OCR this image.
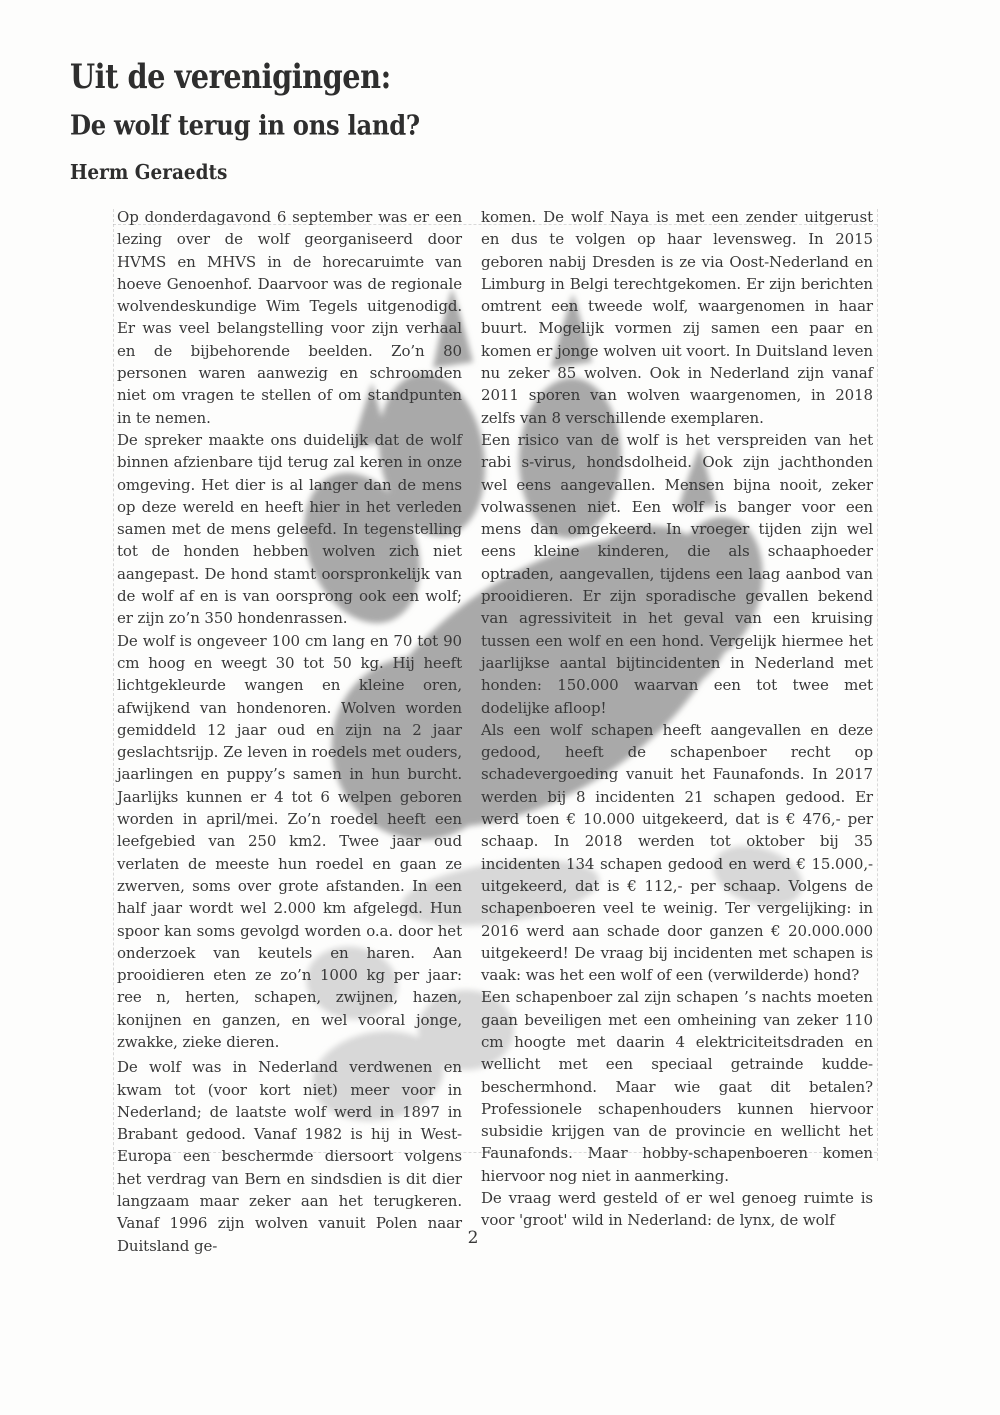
Uit de verenigingen:
De wolf terug in ons land?
Herm Geraedts

Op donderdagavond 6 september was er een lezing over de wolf georganiseerd door HVMS en MHVS in de horecaruimte van hoeve Genoenhof. Daarvoor was de regionale wolvendeskundige Wim Tegels uitgenodigd. Er was veel belangstelling voor zijn verhaal en de bijbehorende beelden. Zo’n 80 personen waren aanwezig en schroomden niet om vragen te stellen of om standpunten in te nemen.

De spreker maakte ons duidelijk dat de wolf binnen afzienbare tijd terug zal keren in onze omgeving. Het dier is al langer dan de mens op deze wereld en heeft hier in het verleden samen met de mens geleefd. In tegenstelling tot de honden hebben wolven zich niet aangepast. De hond stamt oorspronkelijk van de wolf af en is van oorsprong ook een wolf; er zijn zo’n 350 hondenrassen.

De wolf is ongeveer 100 cm lang en 70 tot 90 cm hoog en weegt 30 tot 50 kg. Hij heeft lichtgekleurde wangen en kleine oren, afwijkend van hondenoren. Wolven worden gemiddeld 12 jaar oud en zijn na 2 jaar geslachtsrijp. Ze leven in roedels met ouders, jaarlingen en puppy’s samen in hun burcht. Jaarlijks kunnen er 4 tot 6 welpen geboren worden in april/mei. Zo’n roedel heeft een leefgebied van 250 km2. Twee jaar oud verlaten de meeste hun roedel en gaan ze zwerven, soms over grote afstanden. In een half jaar wordt wel 2.000 km afgelegd. Hun spoor kan soms gevolgd worden o.a. door het onderzoek van keutels en haren. Aan prooidieren eten ze zo’n 1000 kg per jaar: ree n, herten, schapen, zwijnen, hazen, konijnen en ganzen, en wel vooral jonge, zwakke, zieke dieren.

De wolf was in Nederland verdwenen en kwam tot (voor kort niet) meer voor in Nederland; de laatste wolf werd in 1897 in Brabant gedood. Vanaf 1982 is hij in West-Europa een beschermde diersoort volgens het verdrag van Bern en sindsdien is dit dier langzaam maar zeker aan het terugkeren. Vanaf 1996 zijn wolven vanuit Polen naar Duitsland ge-

komen. De wolf Naya is met een zender uitgerust en dus te volgen op haar levensweg. In 2015 geboren nabij Dresden is ze via Oost-Nederland en Limburg in Belgi terechtgekomen. Er zijn berichten omtrent een tweede wolf, waargenomen in haar buurt. Mogelijk vormen zij samen een paar en komen er jonge wolven uit voort. In Duitsland leven nu zeker 85 wolven. Ook in Nederland zijn vanaf 2011 sporen van wolven waargenomen, in 2018 zelfs van 8 verschillende exemplaren.

Een risico van de wolf is het verspreiden van het rabi s-virus, hondsdolheid. Ook zijn jachthonden wel eens aangevallen. Mensen bijna nooit, zeker volwassenen niet. Een wolf is banger voor een mens dan omgekeerd. In vroeger tijden zijn wel eens kleine kinderen, die als schaaphoeder optraden, aangevallen, tijdens een laag aanbod van prooidieren. Er zijn sporadische gevallen bekend van agressiviteit in het geval van een kruising tussen een wolf en een hond. Vergelijk hiermee het jaarlijkse aantal bijtincidenten in Nederland met honden: 150.000 waarvan een tot twee met dodelijke afloop!

Als een wolf schapen heeft aangevallen en deze gedood, heeft de schapenboer recht op schadevergoeding vanuit het Faunafonds. In 2017 werden bij 8 incidenten 21 schapen gedood. Er werd toen € 10.000 uitgekeerd, dat is € 476,- per schaap. In 2018 werden tot oktober bij 35 incidenten 134 schapen gedood en werd € 15.000,- uitgekeerd, dat is € 112,- per schaap. Volgens de schapenboeren veel te weinig. Ter vergelijking: in 2016 werd aan schade door ganzen € 20.000.000 uitgekeerd! De vraag bij incidenten met schapen is vaak: was het een wolf of een (verwilderde) hond?

Een schapenboer zal zijn schapen ’s nachts moeten gaan beveiligen met een omheining van zeker 110 cm hoogte met daarin 4 elektriciteitsdraden en wellicht met een speciaal getrainde kudde-beschermhond. Maar wie gaat dit betalen? Professionele schapenhouders kunnen hiervoor subsidie krijgen van de provincie en wellicht het Faunafonds. Maar hobby-schapenboeren komen hiervoor nog niet in aanmerking.

De vraag werd gesteld of er wel genoeg ruimte is voor 'groot' wild in Nederland: de lynx, de wolf

2
